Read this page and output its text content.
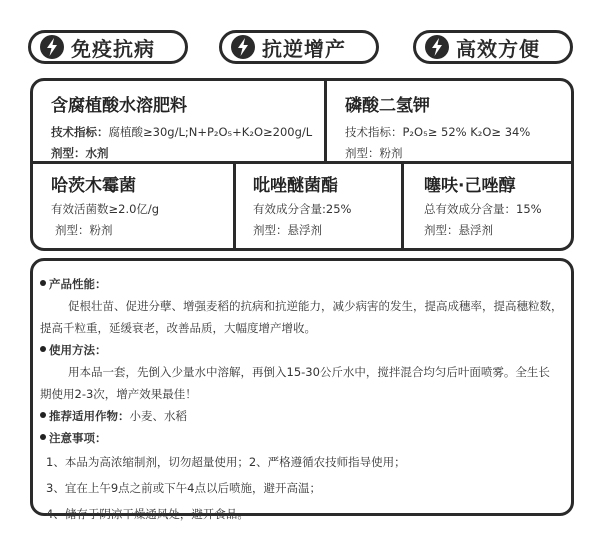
免疫抗病	抗逆增产	高效方便
含腐植酸水溶肥料
技术指标：腐植酸≥30g/L;N+P₂O₅+K₂O≥200g/L
剂型：水剂
磷酸二氢钾
技术指标：P₂O₅≥ 52% K₂O≥ 34%
剂型：粉剂
哈茨木霉菌
有效活菌数≥2.0亿/g
剂型：粉剂
吡唑醚菌酯
有效成分含量:25%
剂型：悬浮剂
噻呋·己唑醇
总有效成分含量：15%
剂型：悬浮剂
产品性能：
促根壮苗、促进分孽、增强麦稻的抗病和抗逆能力，减少病害的发生，提高成穗率，提高穗粒数，
提高千粒重，延缓衰老，改善品质，大幅度增产增收。
使用方法：
用本品一套，先倒入少量水中溶解，再倒入15-30公斤水中，搅拌混合均匀后叶面喷雾。全生长
期使用2-3次，增产效果最佳！
推荐适用作物：小麦、水稻
注意事项：
1、本品为高浓缩制剂，切勿超量使用；2、严格遵循农技师指导使用；
3、宜在上午9点之前或下午4点以后喷施，避开高温；
4、储存于阴凉干燥通风处，避开食品。
